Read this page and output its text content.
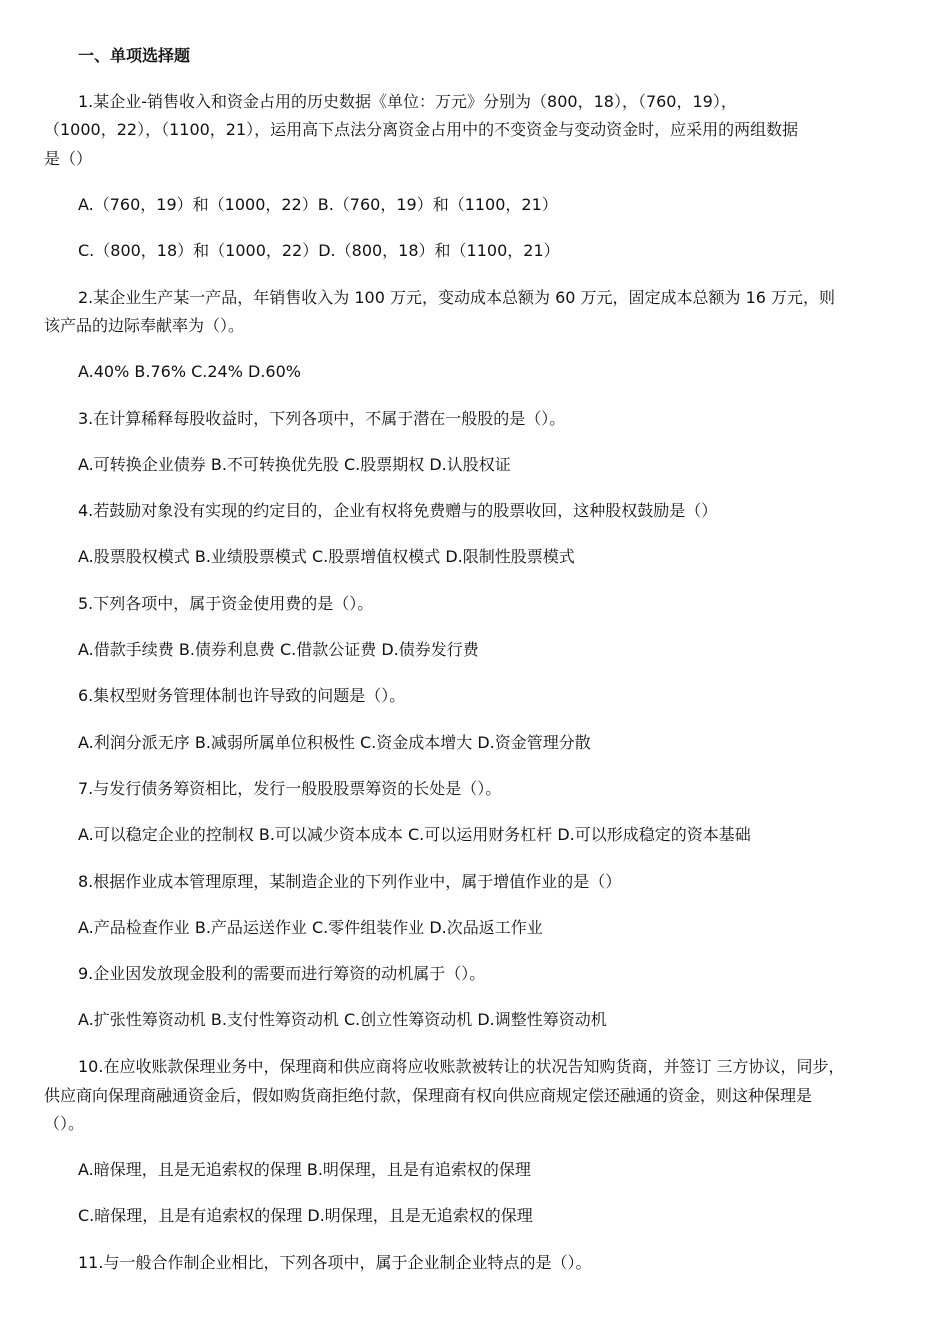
一、单项选择题
1.某企业-销售收入和资金占用的历史数据《单位：万元》分别为（800，18），（760，19），
（1000，22），（1100，21），运用高下点法分离资金占用中的不变资金与变动资金时，应采用的两组数据
是（）
A.（760，19）和（1000，22）B.（760，19）和（1100，21）
C.（800，18）和（1000，22）D.（800，18）和（1100，21）
2.某企业生产某一产品，年销售收入为 100 万元，变动成本总额为 60 万元，固定成本总额为 16 万元，则
该产品的边际奉献率为（）。
A.40% B.76% C.24% D.60%
3.在计算稀释每股收益时，下列各项中，不属于潜在一般股的是（）。
A.可转换企业债券 B.不可转换优先股 C.股票期权 D.认股权证
4.若鼓励对象没有实现的约定目的，企业有权将免费赠与的股票收回，这种股权鼓励是（）
A.股票股权模式 B.业绩股票模式 C.股票增值权模式 D.限制性股票模式
5.下列各项中，属于资金使用费的是（）。
A.借款手续费 B.债券利息费 C.借款公证费 D.债券发行费
6.集权型财务管理体制也许导致的问题是（）。
A.利润分派无序 B.减弱所属单位积极性 C.资金成本增大 D.资金管理分散
7.与发行债务筹资相比，发行一般股股票筹资的长处是（）。
A.可以稳定企业的控制权 B.可以减少资本成本 C.可以运用财务杠杆 D.可以形成稳定的资本基础
8.根据作业成本管理原理，某制造企业的下列作业中，属于增值作业的是（）
A.产品检查作业 B.产品运送作业 C.零件组装作业 D.次品返工作业
9.企业因发放现金股利的需要而进行筹资的动机属于（）。
A.扩张性筹资动机 B.支付性筹资动机 C.创立性筹资动机 D.调整性筹资动机
10.在应收账款保理业务中，保理商和供应商将应收账款被转让的状况告知购货商，并签订 三方协议，同步，
供应商向保理商融通资金后，假如购货商拒绝付款，保理商有权向供应商规定偿还融通的资金，则这种保理是
（）。
A.暗保理，且是无追索权的保理 B.明保理，且是有追索权的保理
C.暗保理，且是有追索权的保理 D.明保理，且是无追索权的保理
11.与一般合作制企业相比，下列各项中，属于企业制企业特点的是（）。
